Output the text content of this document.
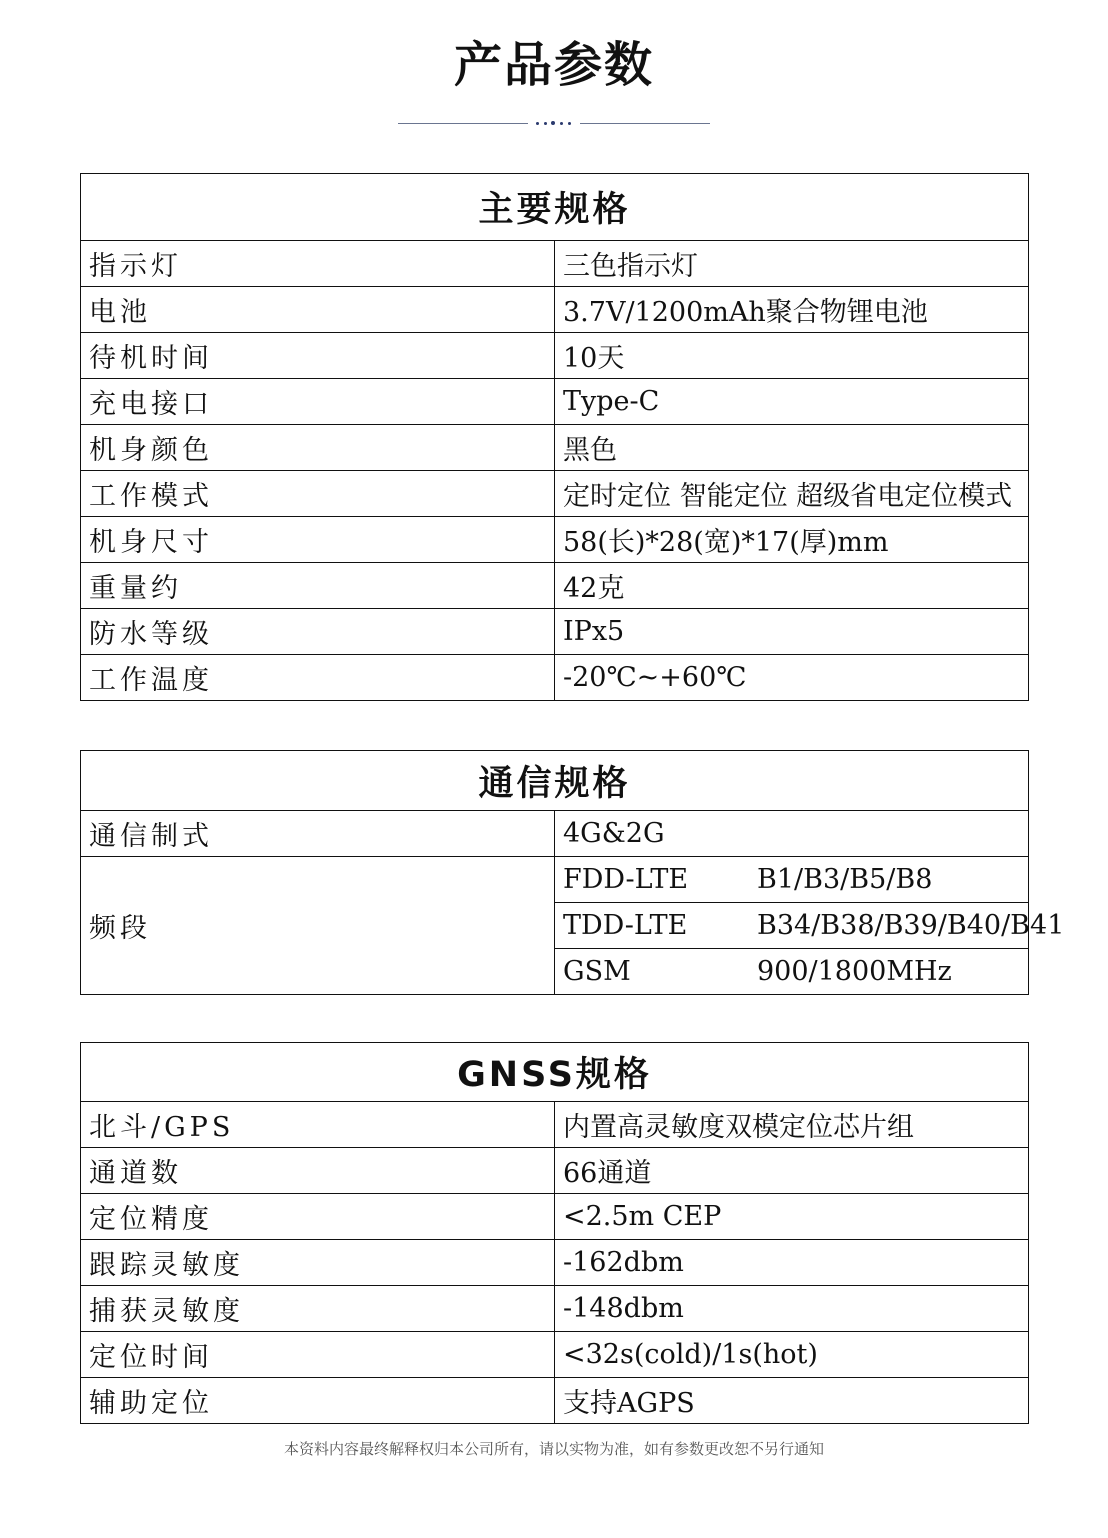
产品参数
主要规格	
指示灯	三色指示灯
电池	3.7V/1200mAh聚合物锂电池
待机时间	10天
充电接口	Type-C
机身颜色	黑色
工作模式	定时定位 智能定位 超级省电定位模式
机身尺寸	58(长)*28(宽)*17(厚)mm
重量约	42克
防水等级	IPx5
工作温度	-20℃~+60℃
通信规格	
通信制式	4G&2G
频段	FDD-LTE B1/B3/B5/B8
	TDD-LTE B34/B38/B39/B40/B41
	GSM 900/1800MHz
GNSS规格	
北斗/GPS	内置高灵敏度双模定位芯片组
通道数	66通道
定位精度	<2.5m CEP
跟踪灵敏度	-162dbm
捕获灵敏度	-148dbm
定位时间	<32s(cold)/1s(hot)
辅助定位	支持AGPS
本资料内容最终解释权归本公司所有，请以实物为准，如有参数更改恕不另行通知
